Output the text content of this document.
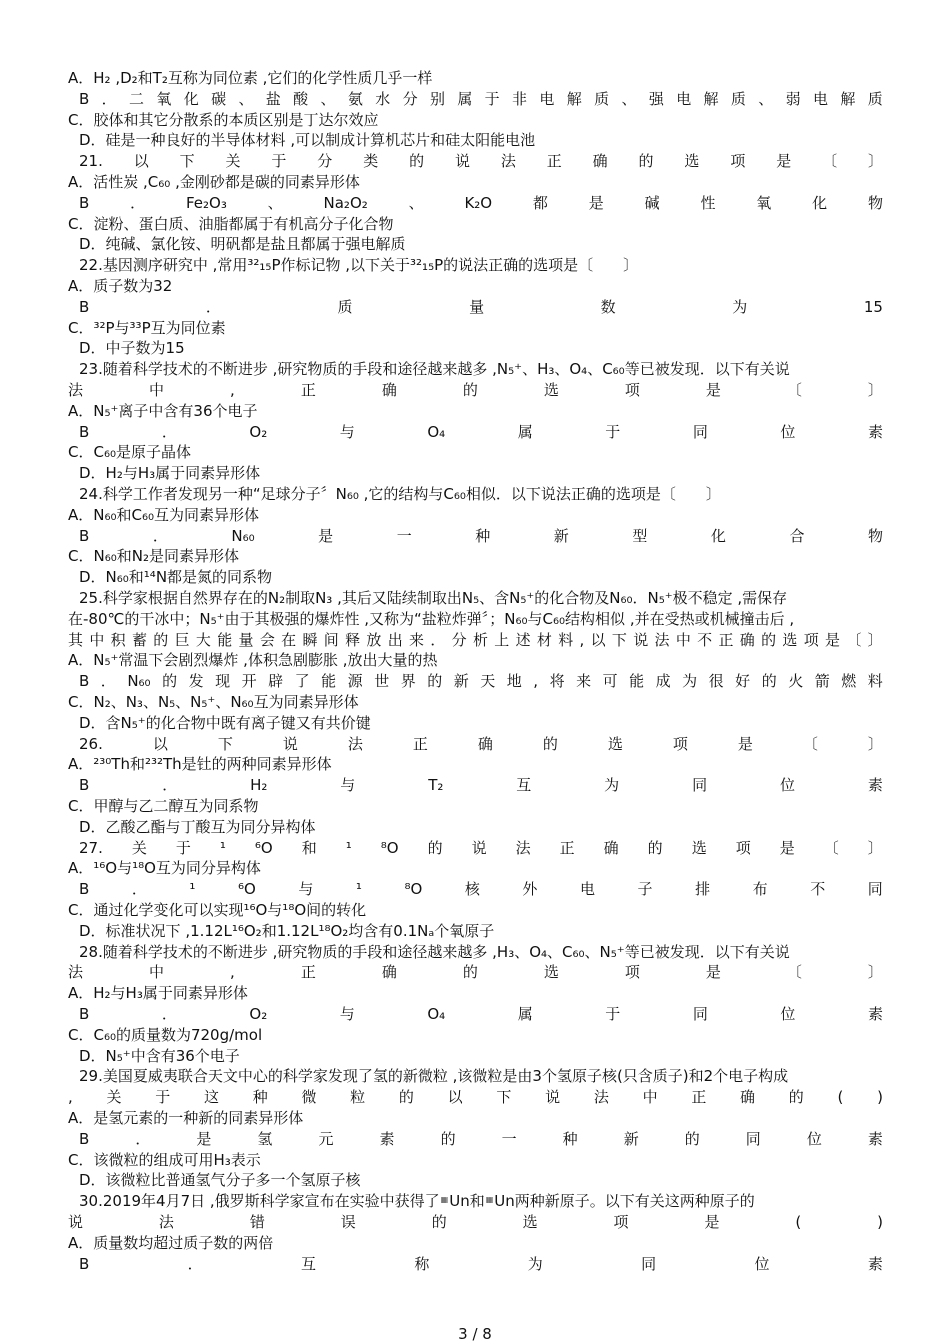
A．H₂ ,D₂和T₂互称为同位素 ,它们的化学性质几乎一样
B ． 二 氧 化 碳 、 盐 酸 、 氨 水 分 别 属 于 非 电 解 质 、 强 电 解 质 、 弱 电 解 质
C．胶体和其它分散系的本质区别是丁达尔效应
D．硅是一种良好的半导体材料 ,可以制成计算机芯片和硅太阳能电池
21. 以 下 关 于 分 类 的 说 法 正 确 的 选 项 是 〔 〕
A．活性炭 ,C₆₀ ,金刚砂都是碳的同素异形体
B	．	Fe₂O₃	、	Na₂O₂	、	K₂O	都	是	碱	性	氧	化	物
C．淀粉、蛋白质、油脂都属于有机高分子化合物
D．纯碱、氯化铵、明矾都是盐且都属于强电解质
22.基因测序研究中 ,常用³²₁₅P作标记物 ,以下关于³²₁₅P的说法正确的选项是〔　　〕
A．质子数为32
B	．	质	量	数	为	15
C．³²P与³³P互为同位素
D．中子数为15
23.随着科学技术的不断进步 ,研究物质的手段和途径越来越多 ,N₅⁺、H₃、O₄、C₆₀等已被发现．以下有关说
法	中	,	正	确	的	选	项	是	〔	〕
A．N₅⁺离子中含有36个电子
B	．	O₂	与	O₄	属	于	同	位	素
C．C₆₀是原子晶体
D．H₂与H₃属于同素异形体
24.科学工作者发现另一种“足球分子〞N₆₀ ,它的结构与C₆₀相似．以下说法正确的选项是〔　　〕
A．N₆₀和C₆₀互为同素异形体
B	．	N₆₀	是	一	种	新	型	化	合	物
C．N₆₀和N₂是同素异形体
D．N₆₀和¹⁴N都是氮的同系物
25.科学家根据自然界存在的N₂制取N₃ ,其后又陆续制取出N₅、含N₅⁺的化合物及N₆₀．N₅⁺极不稳定 ,需保存
在-80℃的干冰中；N₅⁺由于其极强的爆炸性 ,又称为“盐粒炸弹〞；N₆₀与C₆₀结构相似 ,并在受热或机械撞击后 ,
其 中 积 蓄 的 巨 大 能 量 会 在 瞬 间 释 放 出 来 ． 分 析 上 述 材 料 , 以 下 说 法 中 不 正 确 的 选 项 是 〔 〕
A．N₅⁺常温下会剧烈爆炸 ,体积急剧膨胀 ,放出大量的热
B ． N₆₀ 的 发 现 开 辟 了 能 源 世 界 的 新 天 地 , 将 来 可 能 成 为 很 好 的 火 箭 燃 料
C．N₂、N₃、N₅、N₅⁺、N₆₀互为同素异形体
D．含N₅⁺的化合物中既有离子键又有共价键
26.	以	下	说	法	正	确	的	选	项	是	〔	〕
A．²³⁰Th和²³²Th是钍的两种同素异形体
B	．	H₂	与	T₂	互	为	同	位	素
C．甲醇与乙二醇互为同系物
D．乙酸乙酯与丁酸互为同分异构体
27. 关 于 ¹ ⁶O 和 ¹ ⁸O 的 说 法 正 确 的 选 项 是 〔 〕
A．¹⁶O与¹⁸O互为同分异构体
B	．	¹	⁶O	与	¹	⁸O	核	外	电	子	排	布	不	同
C．通过化学变化可以实现¹⁶O与¹⁸O间的转化
D．标准状况下 ,1.12L¹⁶O₂和1.12L¹⁸O₂均含有0.1Nₐ个氧原子
28.随着科学技术的不断进步 ,研究物质的手段和途径越来越多 ,H₃、O₄、C₆₀、N₅⁺等已被发现．以下有关说
法	中	,	正	确	的	选	项	是	〔	〕
A．H₂与H₃属于同素异形体
B	．	O₂	与	O₄	属	于	同	位	素
C．C₆₀的质量数为720g/mol
D．N₅⁺中含有36个电子
29.美国夏威夷联合天文中心的科学家发现了氢的新微粒 ,该微粒是由3个氢原子核(只含质子)和2个电子构成
, 关 于 这 种 微 粒 的 以 下 说 法 中 正 确 的 ( )
A．是氢元素的一种新的同素异形体
B	．	是	氢	元	素	的	一	种	新	的	同	位	素
C．该微粒的组成可用H₃表示
D．该微粒比普通氢气分子多一个氢原子核
30.2019年4月7日 ,俄罗斯科学家宣布在实验中获得了▦Un和▦Un两种新原子。以下有关这两种原子的
说	法	错	误	的	选	项	是	(	)
A．质量数均超过质子数的两倍
B	．	互	称	为	同	位	素
3 / 8
